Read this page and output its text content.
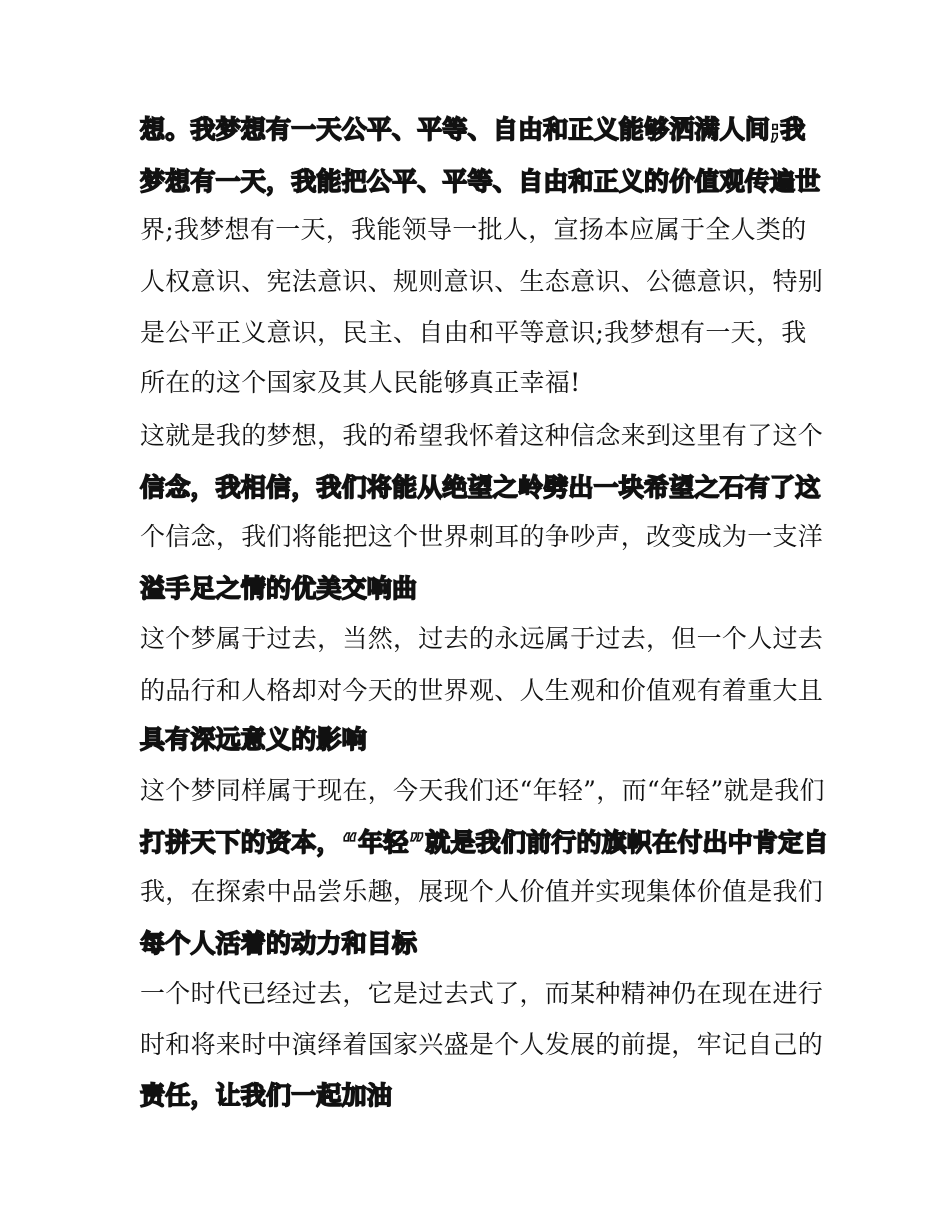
想。我梦想有一天公平、平等、自由和正义能够洒满人间;我
梦想有一天，我能把公平、平等、自由和正义的价值观传遍世
界;我梦想有一天，我能领导一批人，宣扬本应属于全人类的
人权意识、宪法意识、规则意识、生态意识、公德意识，特别
是公平正义意识，民主、自由和平等意识;我梦想有一天，我
所在的这个国家及其人民能够真正幸福!
这就是我的梦想，我的希望我怀着这种信念来到这里有了这个
信念，我相信，我们将能从绝望之岭劈出一块希望之石有了这
个信念，我们将能把这个世界刺耳的争吵声，改变成为一支洋
溢手足之情的优美交响曲
这个梦属于过去，当然，过去的永远属于过去，但一个人过去
的品行和人格却对今天的世界观、人生观和价值观有着重大且
具有深远意义的影响
这个梦同样属于现在，今天我们还“年轻”，而“年轻”就是我们
打拼天下的资本，“年轻”就是我们前行的旗帜在付出中肯定自
我，在探索中品尝乐趣，展现个人价值并实现集体价值是我们
每个人活着的动力和目标
一个时代已经过去，它是过去式了，而某种精神仍在现在进行
时和将来时中演绎着国家兴盛是个人发展的前提，牢记自己的
责任，让我们一起加油
